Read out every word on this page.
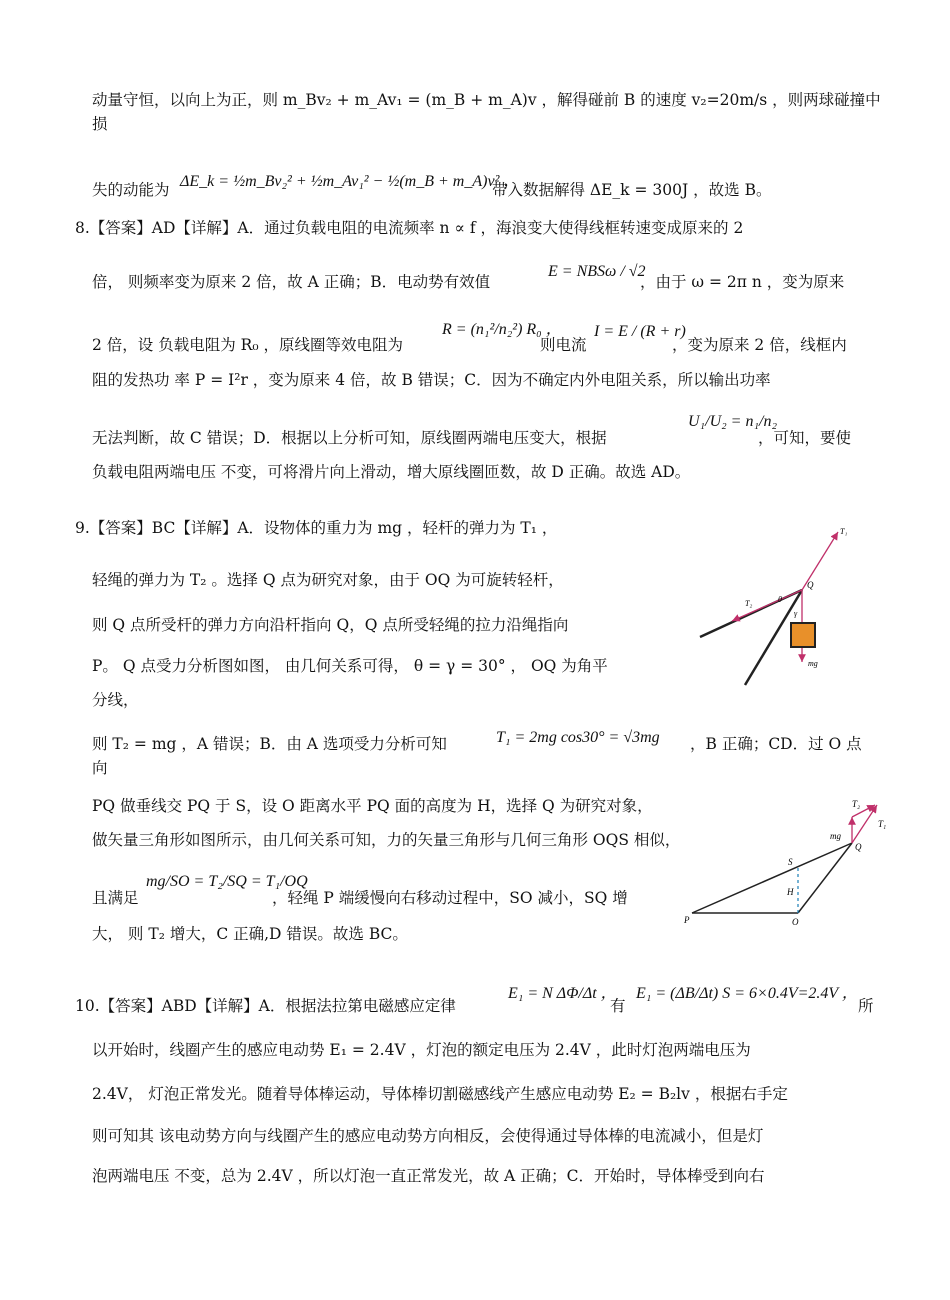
动量守恒，以向上为正，则 m_Bv₂ + m_Av₁ = (m_B + m_A)v ，解得碰前 B 的速度 v₂=20m/s ，则两球碰撞中
损
失的动能为 ΔE_k = ½m_Bv₂² + ½m_Av₁² − ½(m_B + m_A)v² ，
带入数据解得 ΔE_k = 300J ，故选 B。
8.【答案】AD【详解】A．通过负载电阻的电流频率 n ∝ f ，海浪变大使得线框转速变成原来的 2
倍， 则频率变为原来 2 倍，故 A 正确；B．电动势有效值
E = NBSω / √2
，由于 ω = 2π n ，变为原来
2 倍，设 负载电阻为 R₀ ，原线圈等效电阻为
R = (n₁²/n₂²) R₀ ，
则电流
I = E / (R + r)
，变为原来 2 倍，线框内
阻的发热功 率 P = I²r ，变为原来 4 倍，故 B 错误；C．因为不确定内外电阻关系，所以输出功率
无法判断，故 C 错误；D．根据以上分析可知，原线圈两端电压变大，根据
U₁/U₂ = n₁/n₂
，可知，要使
负载电阻两端电压 不变，可将滑片向上滑动，增大原线圈匝数，故 D 正确。故选 AD。
9.【答案】BC【详解】A．设物体的重力为 mg ，轻杆的弹力为 T₁ ，
轻绳的弹力为 T₂ 。选择 Q 点为研究对象，由于 OQ 为可旋转轻杆，
则 Q 点所受杆的弹力方向沿杆指向 Q，Q 点所受轻绳的拉力沿绳指向
P。 Q 点受力分析图如图， 由几何关系可得， θ = γ = 30° ， OQ 为角平
分线，
则 T₂ = mg ，A 错误；B．由 A 选项受力分析可知	T₁ = 2mg cos30° = √3mg ，B 正确；CD．过 O 点
向
PQ 做垂线交 PQ 于 S，设 O 距离水平 PQ 面的高度为 H，选择 Q 为研究对象，
做矢量三角形如图所示，由几何关系可知，力的矢量三角形与几何三角形 OQS 相似，
且满足
mg/SO = T₂/SQ = T₁/OQ
，轻绳 P 端缓慢向右移动过程中，SO 减小，SQ 增
大， 则 T₂ 增大，C 正确,D 错误。故选 BC。
10.【答案】ABD【详解】A．根据法拉第电磁感应定律
E₁ = N ΔΦ/Δt ，
有
E₁ = (ΔB/Δt) S = 6×0.4V=2.4V ，
所
以开始时，线圈产生的感应电动势 E₁ = 2.4V ，灯泡的额定电压为 2.4V ，此时灯泡两端电压为
2.4V， 灯泡正常发光。随着导体棒运动，导体棒切割磁感线产生感应电动势 E₂ = B₂lv ，根据右手定
则可知其 该电动势方向与线圈产生的感应电动势方向相反，会使得通过导体棒的电流减小，但是灯
泡两端电压 不变，总为 2.4V ，所以灯泡一直正常发光，故 A 正确；C．开始时，导体棒受到向右
T₁
T₂
Q
θ
γ
mg
T₂
T₁
mg
Q
S
H
P	O
